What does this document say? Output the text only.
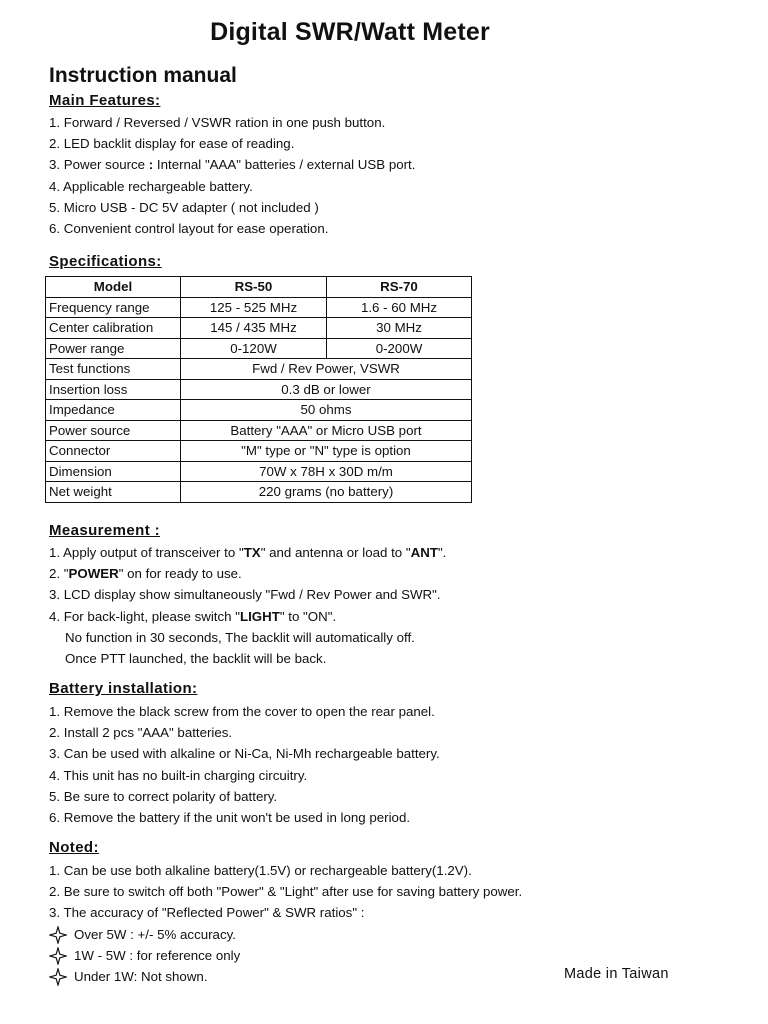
Digital SWR/Watt Meter
Instruction manual
Main Features:
1. Forward / Reversed / VSWR ration in one push button.
2. LED backlit display for ease of reading.
3. Power source : Internal "AAA" batteries / external USB port.
4. Applicable rechargeable battery.
5. Micro USB - DC 5V adapter ( not included )
6. Convenient control layout for ease operation.
Specifications:
Model	RS-50	RS-70
Frequency range	125 - 525 MHz	1.6 - 60 MHz
Center calibration	145 / 435 MHz	30 MHz
Power range	0-120W	0-200W
Test functions	Fwd / Rev Power, VSWR	
Insertion loss	0.3 dB or lower	
Impedance	50 ohms	
Power source	Battery "AAA" or Micro USB port	
Connector	"M" type or "N" type is option	
Dimension	70W x 78H x 30D m/m	
Net weight	220 grams (no battery)	
Measurement :
1. Apply output of transceiver to "TX" and antenna or load to "ANT".
2. "POWER" on for ready to use.
3. LCD display show simultaneously "Fwd / Rev Power and SWR".
4. For back-light, please switch "LIGHT" to "ON".
No function in 30 seconds, The backlit will automatically off.
Once PTT launched, the backlit will be back.
Battery installation:
1. Remove the black screw from the cover to open the rear panel.
2. Install 2 pcs "AAA" batteries.
3. Can be used with alkaline or Ni-Ca, Ni-Mh rechargeable battery.
4. This unit has no built-in charging circuitry.
5. Be sure to correct polarity of battery.
6. Remove the battery if the unit won't be used in long period.
Noted:
1. Can be use both alkaline battery(1.5V) or rechargeable battery(1.2V).
2. Be sure to switch off both "Power" & "Light" after use for saving battery power.
3. The accuracy of "Reflected Power" & SWR ratios" :
Over 5W : +/- 5% accuracy.
1W - 5W : for reference only
Under 1W: Not shown.	Made in Taiwan
